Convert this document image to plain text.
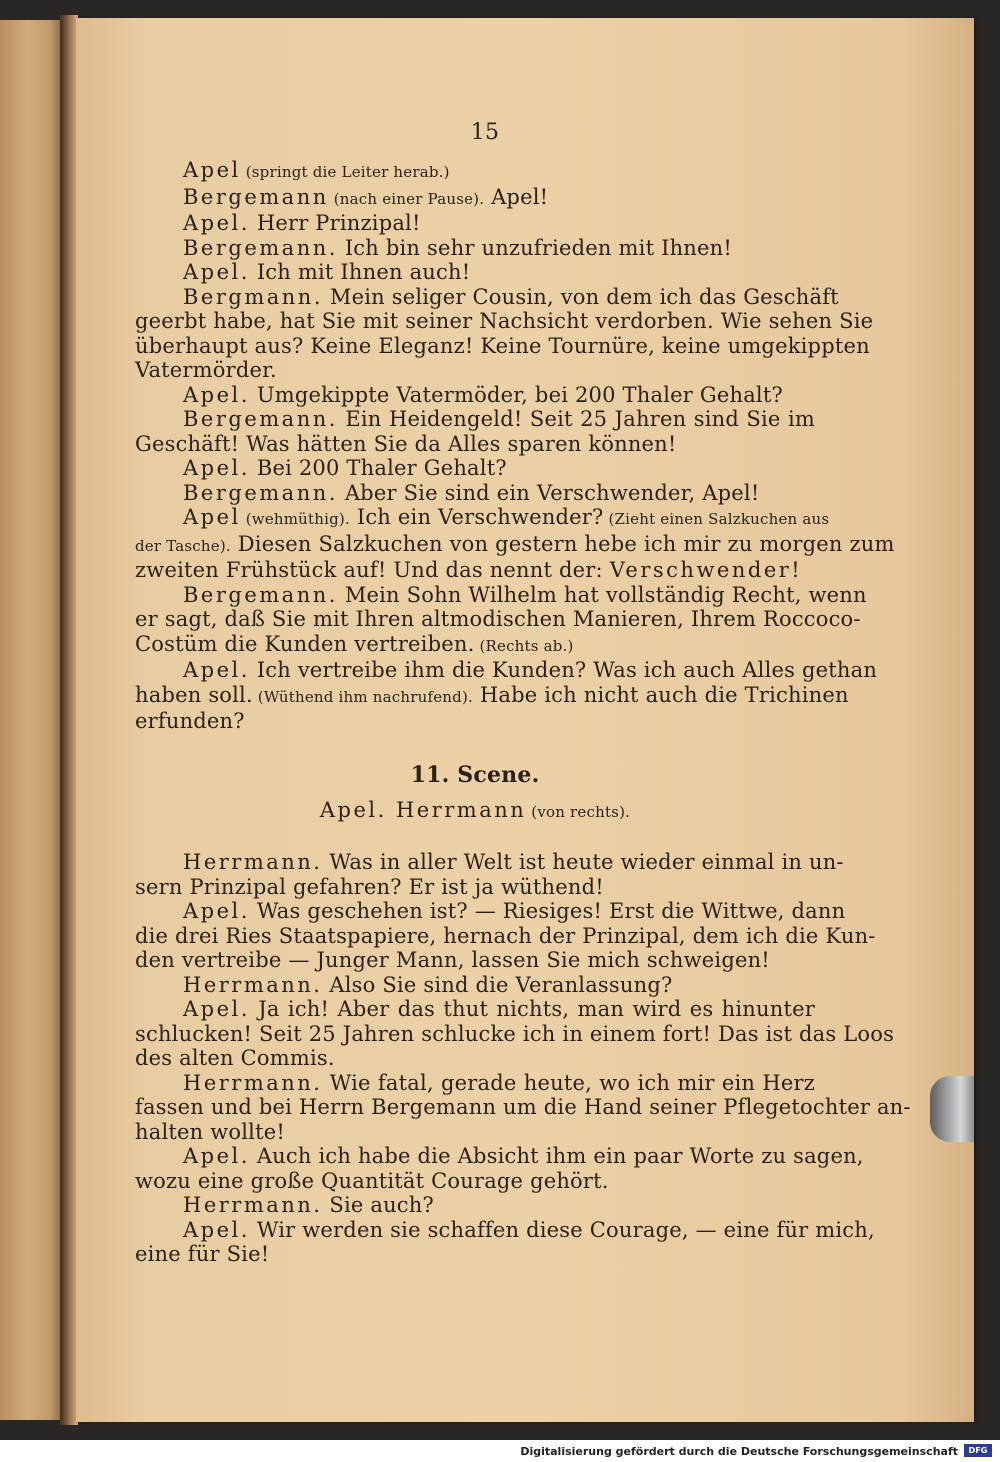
15
Apel (springt die Leiter herab.)
Bergemann (nach einer Pause). Apel!
Apel. Herr Prinzipal!
Bergemann. Ich bin sehr unzufrieden mit Ihnen!
Apel. Ich mit Ihnen auch!
Bergmann. Mein seliger Cousin, von dem ich das Geschäft
geerbt habe, hat Sie mit seiner Nachsicht verdorben. Wie sehen Sie
überhaupt aus? Keine Eleganz! Keine Tournüre, keine umgekippten
Vatermörder.
Apel. Umgekippte Vatermöder, bei 200 Thaler Gehalt?
Bergemann. Ein Heidengeld! Seit 25 Jahren sind Sie im
Geschäft! Was hätten Sie da Alles sparen können!
Apel. Bei 200 Thaler Gehalt?
Bergemann. Aber Sie sind ein Verschwender, Apel!
Apel (wehmüthig). Ich ein Verschwender? (Zieht einen Salzkuchen aus
der Tasche). Diesen Salzkuchen von gestern hebe ich mir zu morgen zum
zweiten Frühstück auf! Und das nennt der: Verschwender!
Bergemann. Mein Sohn Wilhelm hat vollständig Recht, wenn
er sagt, daß Sie mit Ihren altmodischen Manieren, Ihrem Roccoco-
Costüm die Kunden vertreiben. (Rechts ab.)
Apel. Ich vertreibe ihm die Kunden? Was ich auch Alles gethan
haben soll. (Wüthend ihm nachrufend). Habe ich nicht auch die Trichinen
erfunden?
11. Scene.
Apel. Herrmann (von rechts).
Herrmann. Was in aller Welt ist heute wieder einmal in un-
sern Prinzipal gefahren? Er ist ja wüthend!
Apel. Was geschehen ist? — Riesiges! Erst die Wittwe, dann
die drei Ries Staatspapiere, hernach der Prinzipal, dem ich die Kun-
den vertreibe — Junger Mann, lassen Sie mich schweigen!
Herrmann. Also Sie sind die Veranlassung?
Apel. Ja ich! Aber das thut nichts, man wird es hinunter
schlucken! Seit 25 Jahren schlucke ich in einem fort! Das ist das Loos
des alten Commis.
Herrmann. Wie fatal, gerade heute, wo ich mir ein Herz
fassen und bei Herrn Bergemann um die Hand seiner Pflegetochter an-
halten wollte!
Apel. Auch ich habe die Absicht ihm ein paar Worte zu sagen,
wozu eine große Quantität Courage gehört.
Herrmann. Sie auch?
Apel. Wir werden sie schaffen diese Courage, — eine für mich,
eine für Sie!
Digitalisierung gefördert durch die Deutsche Forschungsgemeinschaft	DFG
